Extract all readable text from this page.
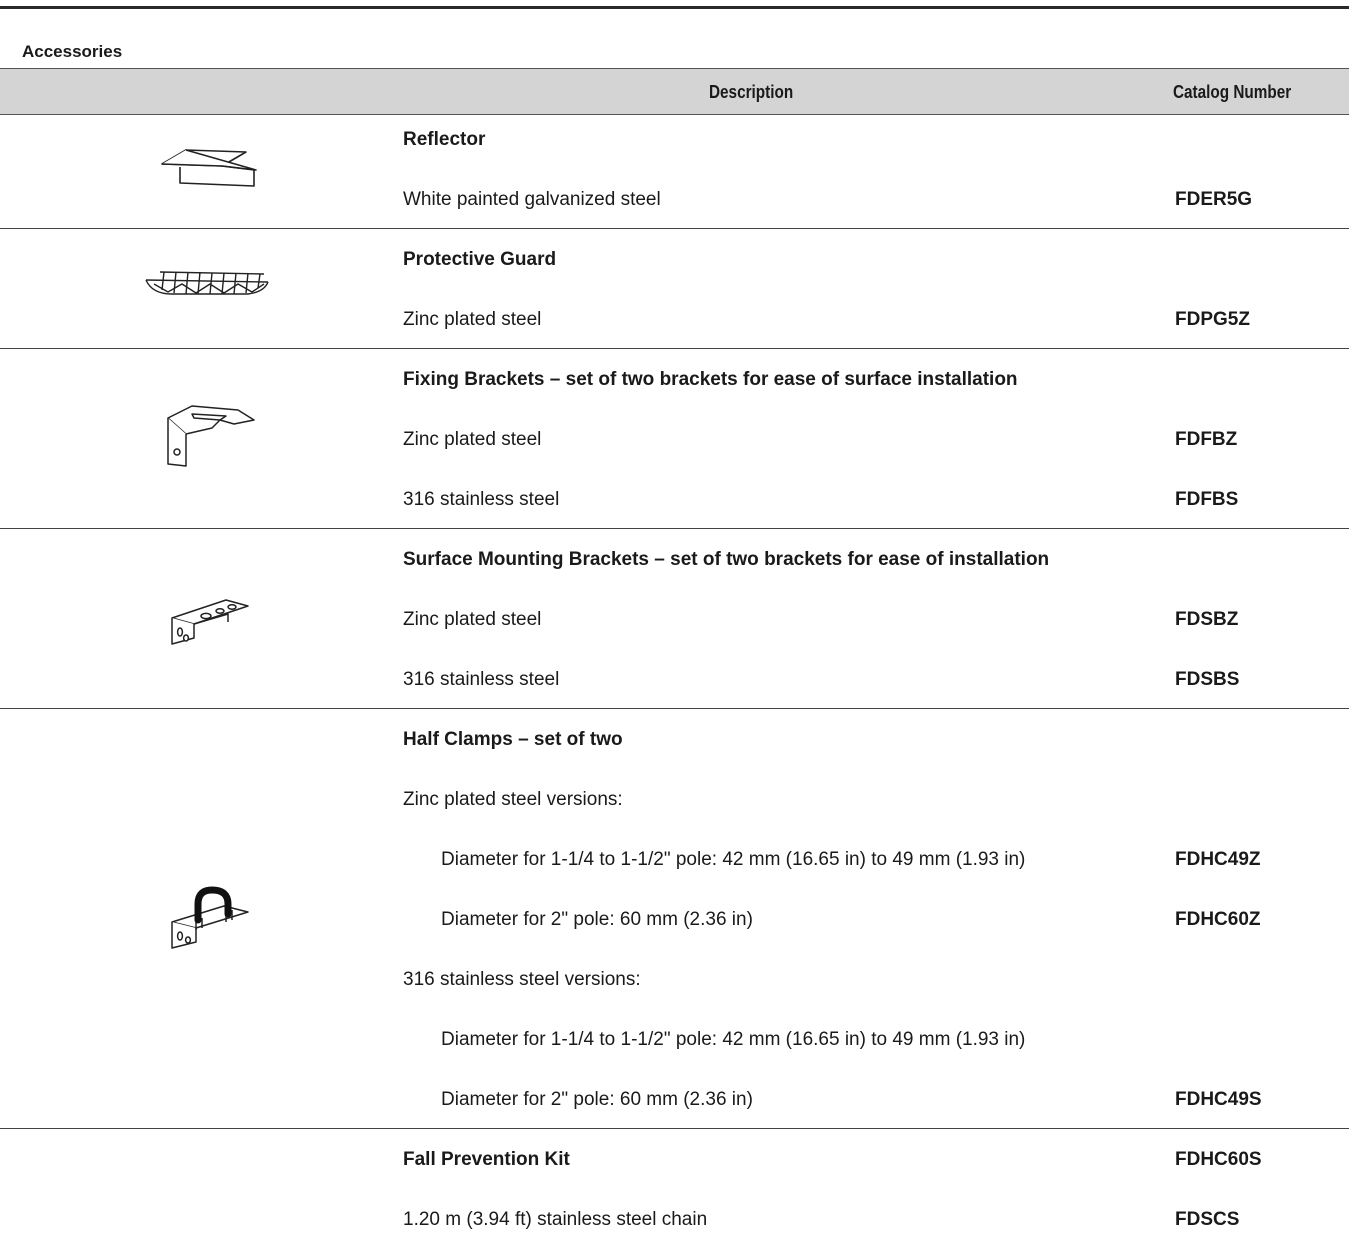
Accessories
Description	Catalog Number
Reflector
White painted galvanized steel	FDER5G
Protective Guard
Zinc plated steel	FDPG5Z
Fixing Brackets – set of two brackets for ease of surface installation
Zinc plated steel	FDFBZ
316 stainless steel	FDFBS
Surface Mounting Brackets – set of two brackets for ease of installation
Zinc plated steel	FDSBZ
316 stainless steel	FDSBS
Half Clamps – set of two
Zinc plated steel versions:
Diameter for 1-1/4 to 1-1/2" pole: 42 mm (16.65 in) to 49 mm (1.93 in)	FDHC49Z
Diameter for 2" pole: 60 mm (2.36 in)	FDHC60Z
316 stainless steel versions:
Diameter for 1-1/4 to 1-1/2" pole: 42 mm (16.65 in) to 49 mm (1.93 in)
Diameter for 2" pole: 60 mm (2.36 in)	FDHC49S
Fall Prevention Kit	FDHC60S
1.20 m (3.94 ft) stainless steel chain	FDSCS
